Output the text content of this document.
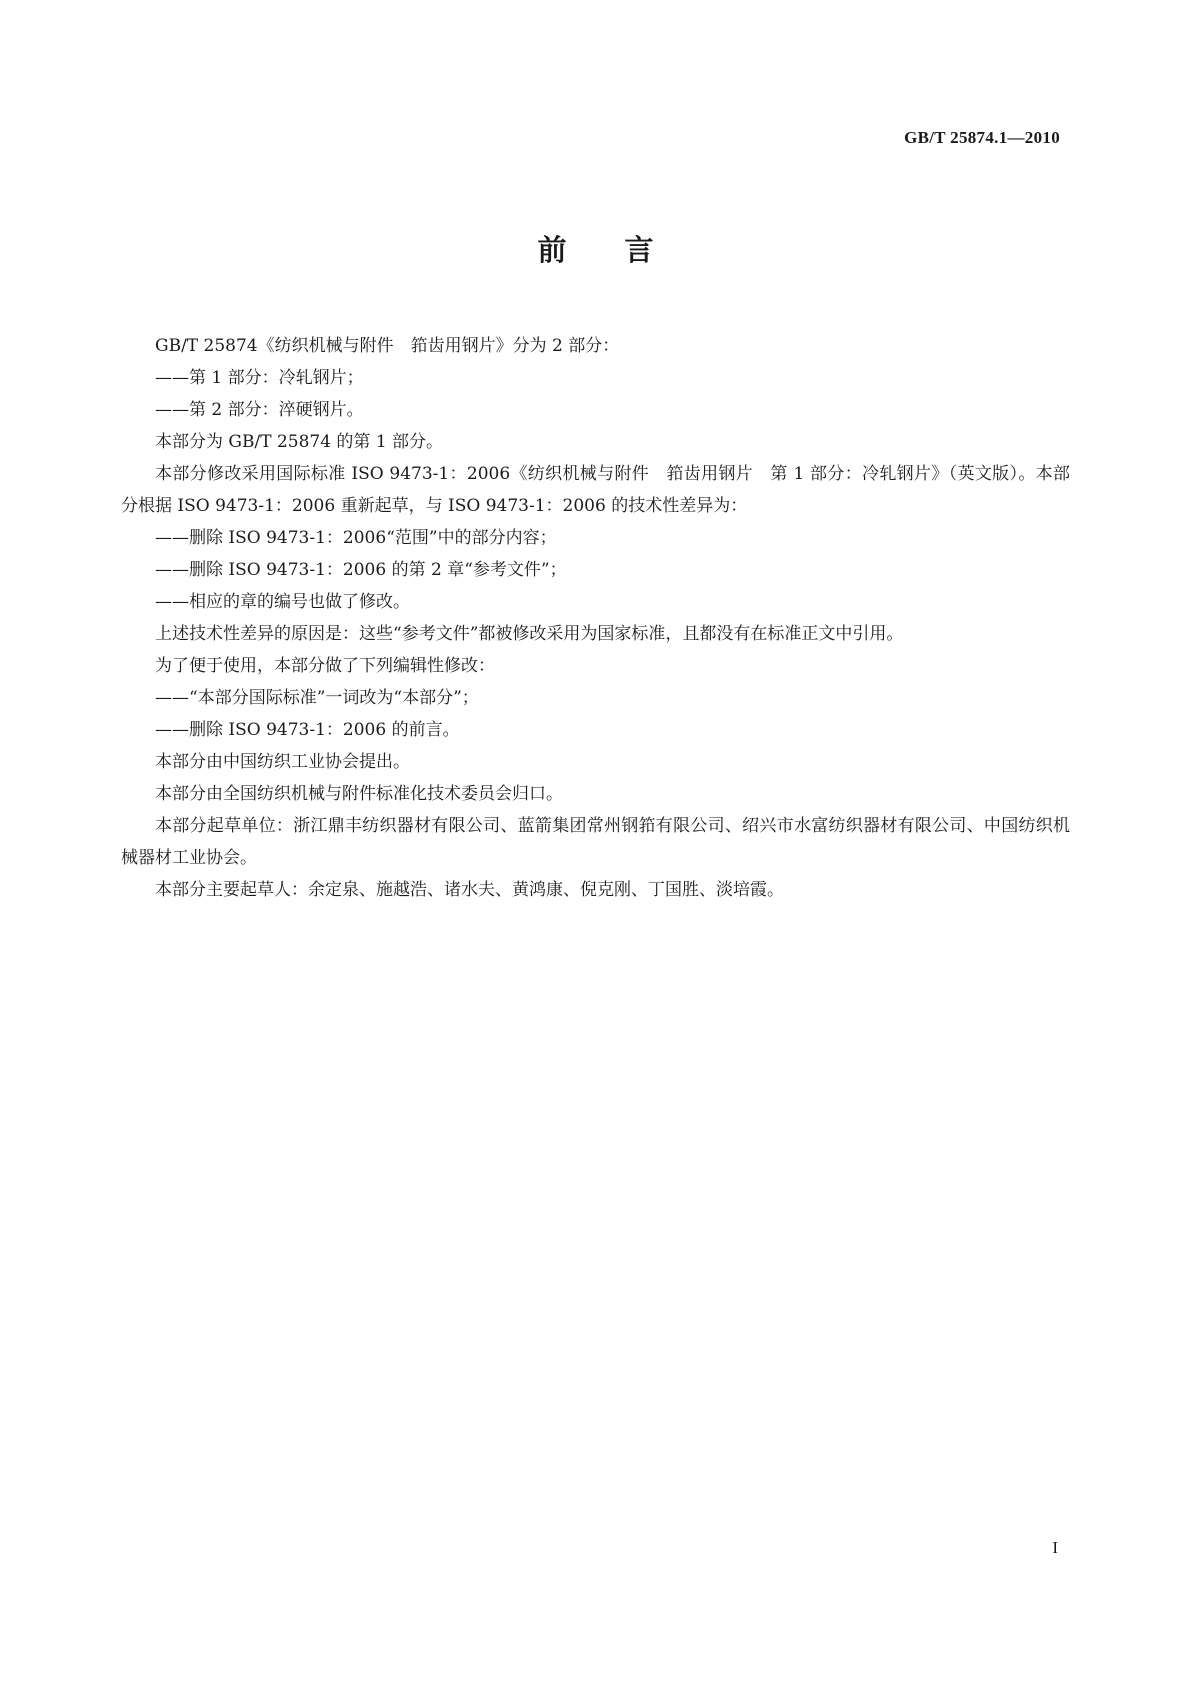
GB/T 25874.1—2010
前 言

GB/T 25874《纺织机械与附件　筘齿用钢片》分为 2 部分：

——第 1 部分：冷轧钢片；

——第 2 部分：淬硬钢片。

本部分为 GB/T 25874 的第 1 部分。

本部分修改采用国际标准 ISO 9473-1：2006《纺织机械与附件　筘齿用钢片　第 1 部分：冷轧钢片》（英文版）。本部分根据 ISO 9473-1：2006 重新起草，与 ISO 9473-1：2006 的技术性差异为：

——删除 ISO 9473-1：2006“范围”中的部分内容；

——删除 ISO 9473-1：2006 的第 2 章“参考文件”；

——相应的章的编号也做了修改。

上述技术性差异的原因是：这些“参考文件”都被修改采用为国家标准，且都没有在标准正文中引用。

为了便于使用，本部分做了下列编辑性修改：

——“本部分国际标准”一词改为“本部分”；

——删除 ISO 9473-1：2006 的前言。

本部分由中国纺织工业协会提出。

本部分由全国纺织机械与附件标准化技术委员会归口。

本部分起草单位：浙江鼎丰纺织器材有限公司、蓝箭集团常州钢筘有限公司、绍兴市水富纺织器材有限公司、中国纺织机械器材工业协会。

本部分主要起草人：余定泉、施越浩、诸水夫、黄鸿康、倪克刚、丁国胜、淡培霞。

I
